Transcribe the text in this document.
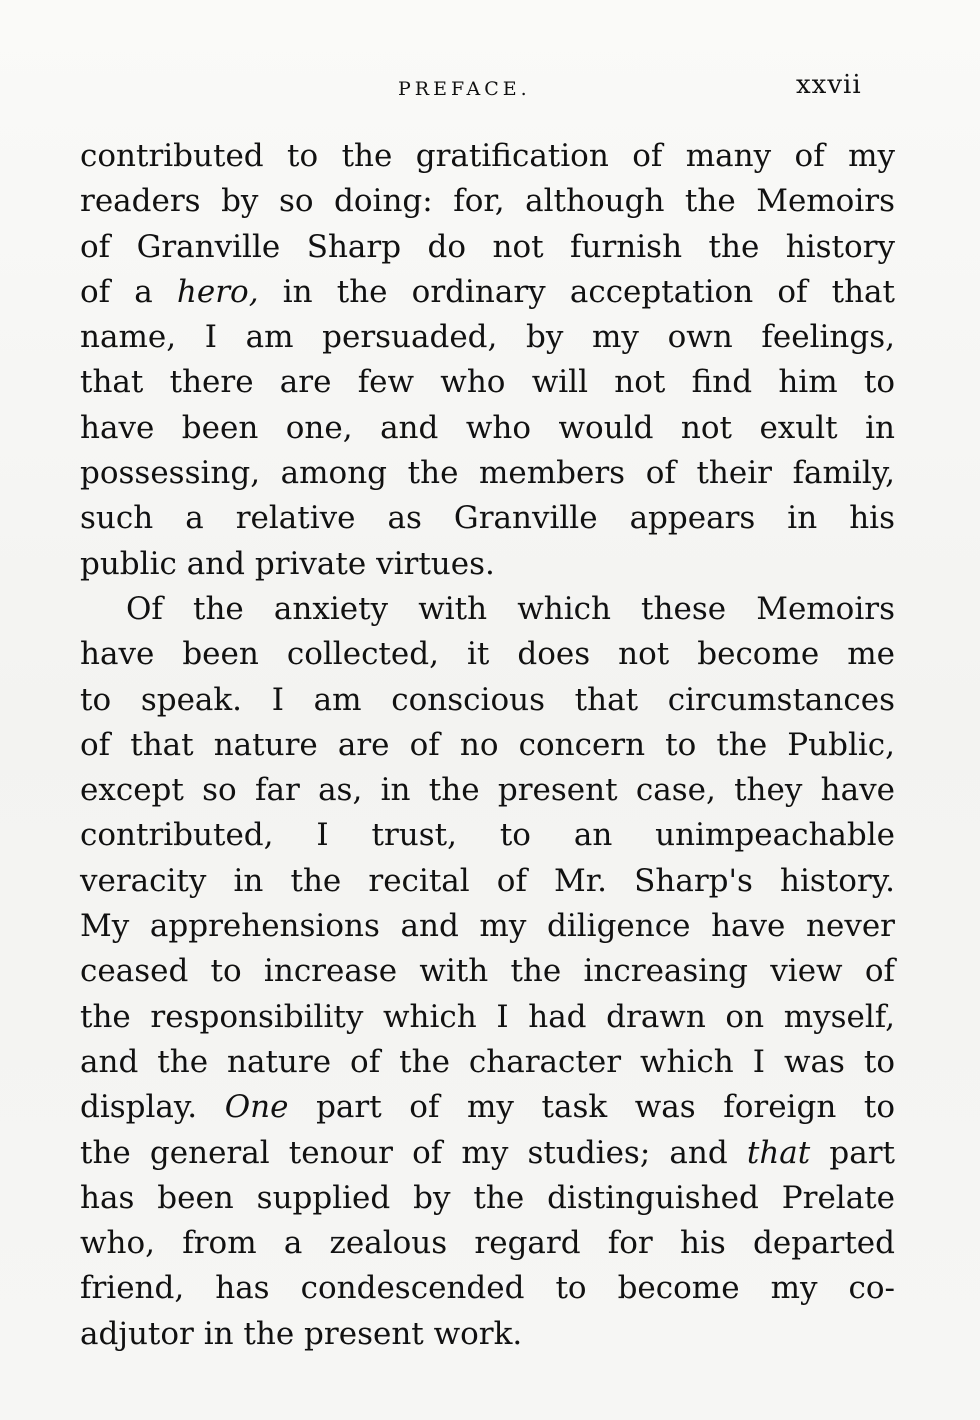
PREFACE.	xxvii
contributed to the gratification of many of my
readers by so doing: for, although the Memoirs
of Granville Sharp do not furnish the history
of a hero, in the ordinary acceptation of that
name, I am persuaded, by my own feelings,
that there are few who will not find him to
have been one, and who would not exult in
possessing, among the members of their family,
such a relative as Granville appears in his
public and private virtues.
Of the anxiety with which these Memoirs
have been collected, it does not become me
to speak. I am conscious that circumstances
of that nature are of no concern to the Public,
except so far as, in the present case, they have
contributed, I trust, to an unimpeachable
veracity in the recital of Mr. Sharp's history.
My apprehensions and my diligence have never
ceased to increase with the increasing view of
the responsibility which I had drawn on myself,
and the nature of the character which I was to
display. One part of my task was foreign to
the general tenour of my studies; and that part
has been supplied by the distinguished Prelate
who, from a zealous regard for his departed
friend, has condescended to become my co-
adjutor in the present work.
